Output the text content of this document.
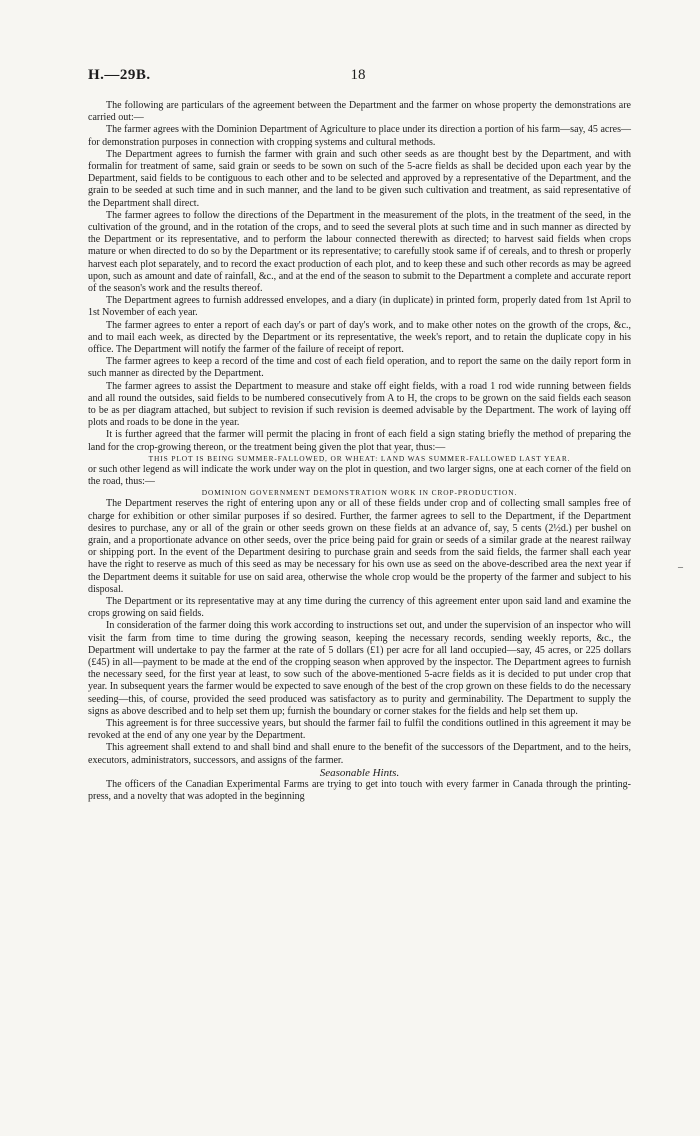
H.—29B.	18

The following are particulars of the agreement between the Department and the farmer on whose property the demonstrations are carried out:—

The farmer agrees with the Dominion Department of Agriculture to place under its direction a portion of his farm—say, 45 acres—for demonstration purposes in connection with cropping systems and cultural methods.

The Department agrees to furnish the farmer with grain and such other seeds as are thought best by the Department, and with formalin for treatment of same, said grain or seeds to be sown on such of the 5-acre fields as shall be decided upon each year by the Department, said fields to be contiguous to each other and to be selected and approved by a representative of the Department, and the grain to be seeded at such time and in such manner, and the land to be given such cultivation and treatment, as said representative of the Department shall direct.

The farmer agrees to follow the directions of the Department in the measurement of the plots, in the treatment of the seed, in the cultivation of the ground, and in the rotation of the crops, and to seed the several plots at such time and in such manner as directed by the Department or its representative, and to perform the labour connected therewith as directed; to harvest said fields when crops mature or when directed to do so by the Department or its representative; to carefully stook same if of cereals, and to thresh or properly harvest each plot separately, and to record the exact production of each plot, and to keep these and such other records as may be agreed upon, such as amount and date of rainfall, &c., and at the end of the season to submit to the Department a complete and accurate report of the season's work and the results thereof.

The Department agrees to furnish addressed envelopes, and a diary (in duplicate) in printed form, properly dated from 1st April to 1st November of each year.

The farmer agrees to enter a report of each day's or part of day's work, and to make other notes on the growth of the crops, &c., and to mail each week, as directed by the Department or its representative, the week's report, and to retain the duplicate copy in his office. The Department will notify the farmer of the failure of receipt of report.

The farmer agrees to keep a record of the time and cost of each field operation, and to report the same on the daily report form in such manner as directed by the Department.

The farmer agrees to assist the Department to measure and stake off eight fields, with a road 1 rod wide running between fields and all round the outsides, said fields to be numbered consecutively from A to H, the crops to be grown on the said fields each season to be as per diagram attached, but subject to revision if such revision is deemed advisable by the Department. The work of laying off plots and roads to be done in the year.

It is further agreed that the farmer will permit the placing in front of each field a sign stating briefly the method of preparing the land for the crop-growing thereon, or the treatment being given the plot that year, thus:—

THIS PLOT IS BEING SUMMER-FALLOWED, OR WHEAT: LAND WAS SUMMER-FALLOWED LAST YEAR.

or such other legend as will indicate the work under way on the plot in question, and two larger signs, one at each corner of the field on the road, thus:—

DOMINION GOVERNMENT DEMONSTRATION WORK IN CROP-PRODUCTION.

The Department reserves the right of entering upon any or all of these fields under crop and of collecting small samples free of charge for exhibition or other similar purposes if so desired. Further, the farmer agrees to sell to the Department, if the Department desires to purchase, any or all of the grain or other seeds grown on these fields at an advance of, say, 5 cents (2½d.) per bushel on grain, and a proportionate advance on other seeds, over the price being paid for grain or seeds of a similar grade at the nearest railway or shipping port. In the event of the Department desiring to purchase grain and seeds from the said fields, the farmer shall each year have the right to reserve as much of this seed as may be necessary for his own use as seed on the above-described area the next year if the Department deems it suitable for use on said area, otherwise the whole crop would be the property of the farmer and subject to his disposal.

The Department or its representative may at any time during the currency of this agreement enter upon said land and examine the crops growing on said fields.

In consideration of the farmer doing this work according to instructions set out, and under the supervision of an inspector who will visit the farm from time to time during the growing season, keeping the necessary records, sending weekly reports, &c., the Department will undertake to pay the farmer at the rate of 5 dollars (£1) per acre for all land occupied—say, 45 acres, or 225 dollars (£45) in all—payment to be made at the end of the cropping season when approved by the inspector. The Department agrees to furnish the necessary seed, for the first year at least, to sow such of the above-mentioned 5-acre fields as it is decided to put under crop that year. In subsequent years the farmer would be expected to save enough of the best of the crop grown on these fields to do the necessary seeding—this, of course, provided the seed produced was satisfactory as to purity and germinability. The Department to supply the signs as above described and to help set them up; furnish the boundary or corner stakes for the fields and help set them up.

This agreement is for three successive years, but should the farmer fail to fulfil the conditions outlined in this agreement it may be revoked at the end of any one year by the Department.

This agreement shall extend to and shall bind and shall enure to the benefit of the successors of the Department, and to the heirs, executors, administrators, successors, and assigns of the farmer.

Seasonable Hints.

The officers of the Canadian Experimental Farms are trying to get into touch with every farmer in Canada through the printing-press, and a novelty that was adopted in the beginning

–
